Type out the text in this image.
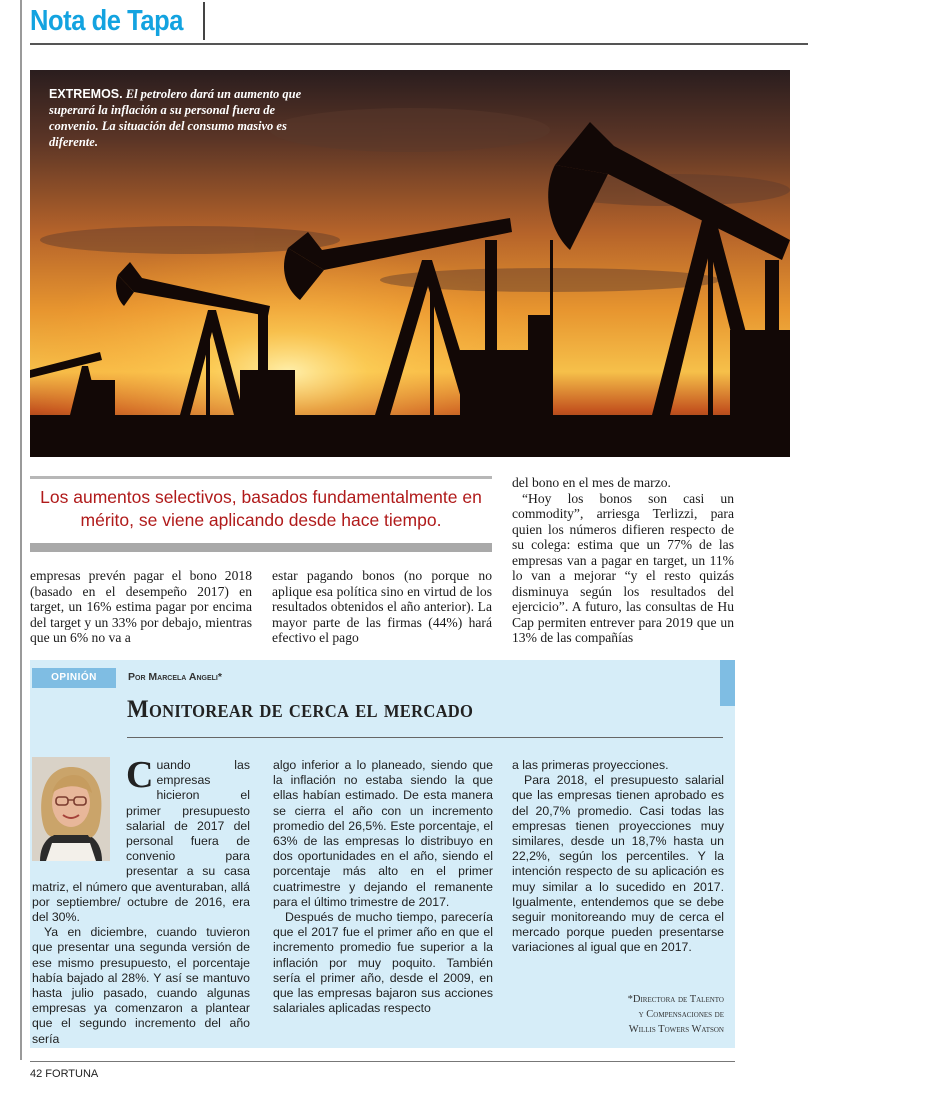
Nota de Tapa
EXTREMOS. El petrolero dará un aumento que superará la inflación a su personal fuera de convenio. La situación del consumo masivo es diferente.
Los aumentos selectivos, basados fundamentalmente en mérito, se viene aplicando desde hace tiempo.

empresas prevén pagar el bono 2018 (basado en el desempeño 2017) en target, un 16% estima pagar por encima del target y un 33% por debajo, mientras que un 6% no va a

estar pagando bonos (no porque no aplique esa política sino en virtud de los resultados obtenidos el año anterior). La mayor parte de las firmas (44%) hará efectivo el pago

del bono en el mes de marzo.

“Hoy los bonos son casi un commodity”, arriesga Terlizzi, para quien los números difieren respecto de su colega: estima que un 77% de las empresas van a pagar en target, un 11% lo van a mejorar “y el resto quizás disminuya según los resultados del ejercicio”. A futuro, las consultas de Hu Cap permiten entrever para 2019 que un 13% de las compañías

OPINIÓN	Por Marcela Angeli*
Monitorear de cerca el mercado

Cuando las empresas hicieron el primer presupuesto salarial de 2017 del personal fuera de convenio para presentar a su casa matriz, el número que aventuraban, allá por septiembre/ octubre de 2016, era del 30%.

Ya en diciembre, cuando tuvieron que presentar una segunda versión de ese mismo presupuesto, el porcentaje había bajado al 28%. Y así se mantuvo hasta julio pasado, cuando algunas empresas ya comenzaron a plantear que el segundo incremento del año sería

algo inferior a lo planeado, siendo que la inflación no estaba siendo la que ellas habían estimado. De esta manera se cierra el año con un incremento promedio del 26,5%. Este porcentaje, el 63% de las empresas lo distribuyo en dos oportunidades en el año, siendo el porcentaje más alto en el primer cuatrimestre y dejando el remanente para el último trimestre de 2017.

Después de mucho tiempo, parecería que el 2017 fue el primer año en que el incremento promedio fue superior a la inflación por muy poquito. También sería el primer año, desde el 2009, en que las empresas bajaron sus acciones salariales aplicadas respecto

a las primeras proyecciones.

Para 2018, el presupuesto salarial que las empresas tienen aprobado es del 20,7% promedio. Casi todas las empresas tienen proyecciones muy similares, desde un 18,7% hasta un 22,2%, según los percentiles. Y la intención respecto de su aplicación es muy similar a lo sucedido en 2017. Igualmente, entendemos que se debe seguir monitoreando muy de cerca el mercado porque pueden presentarse variaciones al igual que en 2017.

*Directora de Talento
y Compensaciones de
Willis Towers Watson
42 FORTUNA
